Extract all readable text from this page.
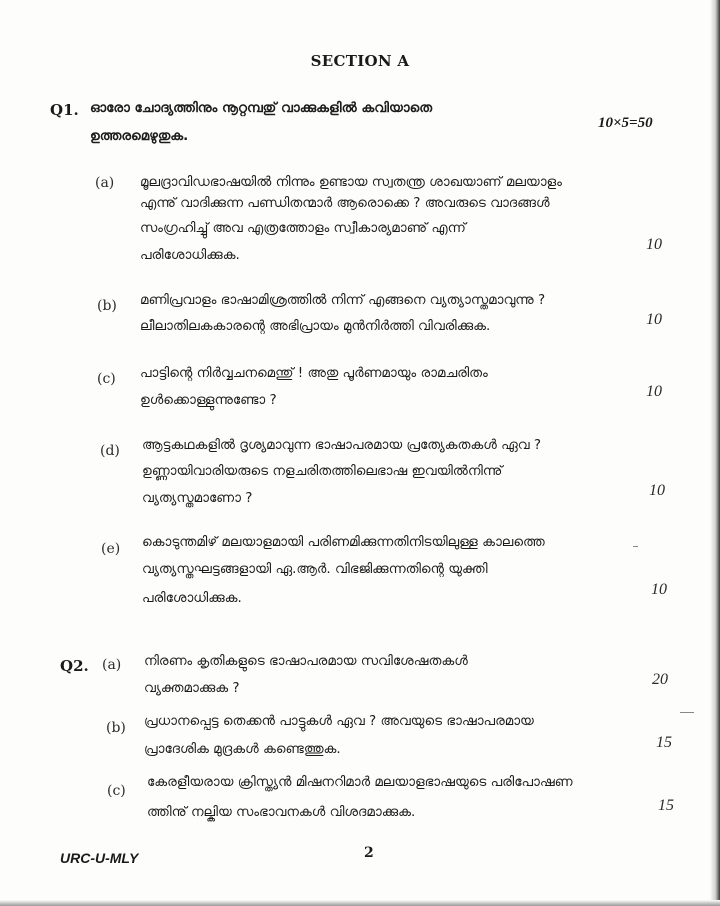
SECTION A
Q1. ഓരോ ചോദ്യത്തിനും നൂറ്റമ്പതു് വാക്കുകളിൽ കവിയാതെ
ഉത്തരമെഴുതുക.
10×5=50
(a) മൂലദ്രാവിഡഭാഷയിൽ നിന്നും ഉണ്ടായ സ്വതന്ത്ര ശാഖയാണ് മലയാളം
എന്നു് വാദിക്കുന്ന പണ്ഡിതന്മാർ ആരൊക്കെ ? അവരുടെ വാദങ്ങൾ
സംഗ്രഹിച്ചു് അവ എത്രത്തോളം സ്വീകാര്യമാണു് എന്ന്
പരിശോധിക്കുക.
10
(b) മണിപ്രവാളം ഭാഷാമിശ്രത്തിൽ നിന്ന് എങ്ങനെ വ്യത്യാസ്തമാവുന്നു ?
ലീലാതിലകകാരന്റെ അഭിപ്രായം മുൻനിർത്തി വിവരിക്കുക.	10
(c) പാട്ടിന്റെ നിർവ്വചനമെന്തു് ! അതു പൂർണമായും രാമചരിതം
ഉൾക്കൊള്ളുന്നുണ്ടോ ?	10
(d) ആട്ടകഥകളിൽ ദൃശ്യമാവുന്ന ഭാഷാപരമായ പ്രത്യേകതകൾ ഏവ ?
ഉണ്ണായിവാരിയരുടെ നളചരിതത്തിലെഭാഷ ഇവയിൽനിന്നു്
വ്യത്യസ്തമാണോ ?	10
(e) കൊടുന്തമിഴ് മലയാളമായി പരിണമിക്കുന്നതിനിടയിലുള്ള കാലത്തെ
വ്യത്യസ്തഘട്ടങ്ങളായി ഏ.ആർ. വിഭജിക്കുന്നതിന്റെ യുക്തി
പരിശോധിക്കുക.	10
Q2. (a) നിരണം കൃതികളുടെ ഭാഷാപരമായ സവിശേഷതകൾ
വ്യക്തമാക്കുക ?	20
(b) പ്രധാനപ്പെട്ട തെക്കൻ പാട്ടുകൾ ഏവ ? അവയുടെ ഭാഷാപരമായ
പ്രാദേശിക മുദ്രകൾ കണ്ടെത്തുക.	15
(c)
കേരളീയരായ ക്രിസ്ത്യൻ മിഷനറിമാർ മലയാളഭാഷയുടെ പരിപോഷണ
ത്തിനു് നല്കിയ സംഭാവനകൾ വിശദമാക്കുക.	15
URC-U-MLY	2
